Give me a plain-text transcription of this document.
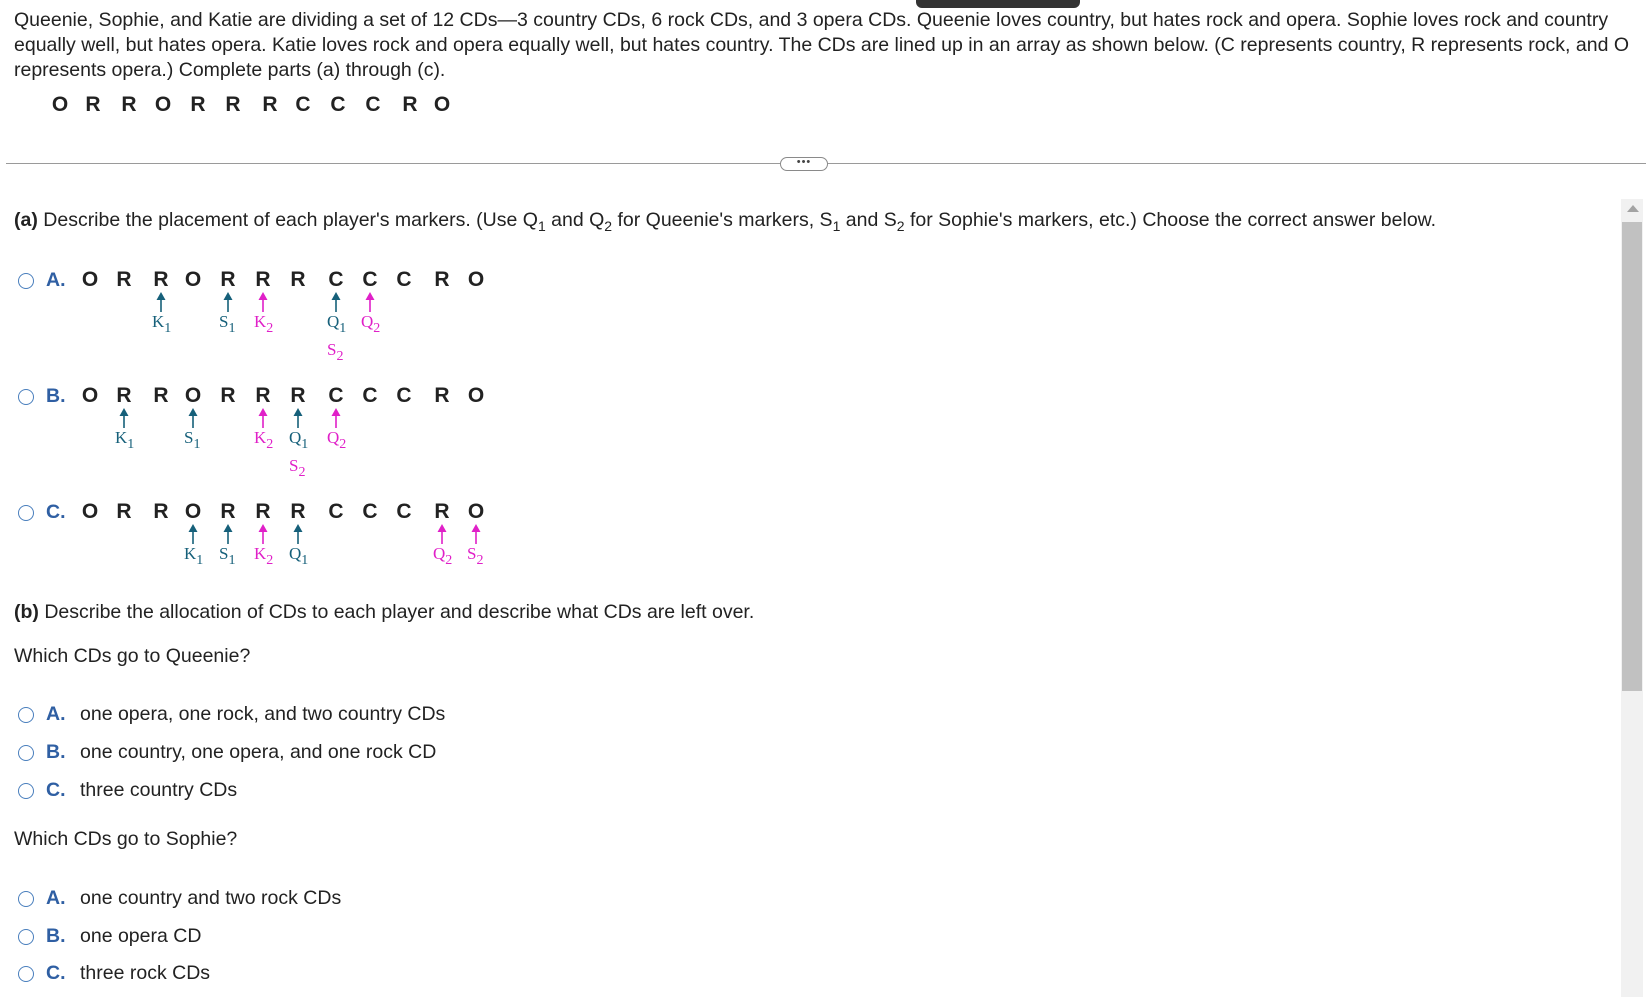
Queenie, Sophie, and Katie are dividing a set of 12 CDs—3 country CDs, 6 rock CDs, and 3 opera CDs. Queenie loves country, but hates rock and opera. Sophie loves rock and country

equally well, but hates opera. Katie loves rock and opera equally well, but hates country. The CDs are lined up in an array as shown below. (C represents country, R represents rock, and O

represents opera.) Complete parts (a) through (c).

O R R O R R	R C C C	R O
•••
(a) Describe the placement of each player's markers. (Use $Q_1$ and $Q_2$ for Queenie's markers, $S_1$ and $S_2$ for Sophie's markers, etc.) Choose the correct answer below.
A. O R	R O R R R	C C C	R O
$K_1$	$S_1$ $K_2$	$Q_1$ $Q_2$
$S_2$
B. O R	R O R R R	C C C	R O
$K_1$	$S_1$	$K_2$ $Q_1$ $Q_2$
$S_2$
C. O R	R O R R R	C C C	R O
$K_1$ $S_1$ $K_2$ $Q_1$	$Q_2$ $S_2$
(b) Describe the allocation of CDs to each player and describe what CDs are left over.
Which CDs go to Queenie?
A. one opera, one rock, and two country CDs
B. one country, one opera, and one rock CD
C. three country CDs
Which CDs go to Sophie?
A. one country and two rock CDs
B. one opera CD
C. three rock CDs
